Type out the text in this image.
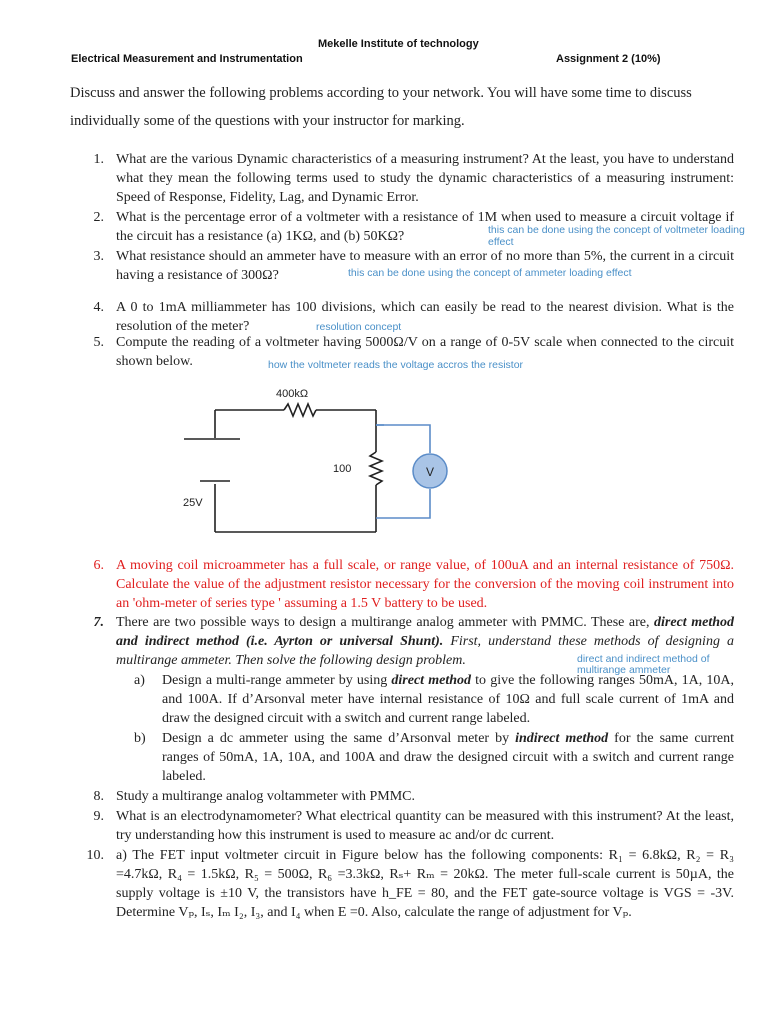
Mekelle Institute of technology
Electrical Measurement and Instrumentation	Assignment 2 (10%)
Discuss and answer the following problems according to your network. You will have some time to discuss
individually some of the questions with your instructor for marking.
1. What are the various Dynamic characteristics of a measuring instrument? At the least, you have to understand what they mean the following terms used to study the dynamic characteristics of a measuring instrument: Speed of Response, Fidelity, Lag, and Dynamic Error.
2. What is the percentage error of a voltmeter with a resistance of 1M when used to measure a circuit voltage if the circuit has a resistance (a) 1KΩ, and (b) 50KΩ?
3. What resistance should an ammeter have to measure with an error of no more than 5%, the current in a circuit having a resistance of 300Ω?
4. A 0 to 1mA milliammeter has 100 divisions, which can easily be read to the nearest division. What is the resolution of the meter?
5. Compute the reading of a voltmeter having 5000Ω/V on a range of 0-5V scale when connected to the circuit shown below.
6. A moving coil microammeter has a full scale, or range value, of 100uA and an internal resistance of 750Ω. Calculate the value of the adjustment resistor necessary for the conversion of the moving coil instrument into an 'ohm-meter of series type ' assuming a 1.5 V battery to be used.
7. There are two possible ways to design a multirange analog ammeter with PMMC. These are, direct method and indirect method (i.e. Ayrton or universal Shunt). First, understand these methods of designing a multirange ammeter. Then solve the following design problem.
a)	Design a multi-range ammeter by using direct method to give the following ranges 50mA, 1A, 10A, and 100A. If d’Arsonval meter have internal resistance of 10Ω and full scale current of 1mA and draw the designed circuit with a switch and current range labeled.
b)	Design a dc ammeter using the same d’Arsonval meter by indirect method for the same current ranges of 50mA, 1A, 10A, and 100A and draw the designed circuit with a switch and current range labeled.
8. Study a multirange analog voltammeter with PMMC.
9. What is an electrodynamometer? What electrical quantity can be measured with this instrument? At the least, try understanding how this instrument is used to measure ac and/or dc current.
10. a) The FET input voltmeter circuit in Figure below has the following components: R₁ = 6.8kΩ, R₂ = R₃ =4.7kΩ, R₄ = 1.5kΩ, R₅ = 500Ω, R₆ =3.3kΩ, Rₛ+ Rₘ = 20kΩ. The meter full-scale current is 50µA, the supply voltage is ±10 V, the transistors have h_FE = 80, and the FET gate-source voltage is VGS = -3V. Determine Vₚ, Iₛ, Iₘ I₂, I₃, and I₄ when E =0. Also, calculate the range of adjustment for Vₚ.
this can be done using the concept of voltmeter loading
effect
this can be done using the concept of ammeter loading effect
resolution concept
how the voltmeter reads the voltage accros the resistor
direct and indirect method of
multirange ammeter
V
400kΩ
100
25V
